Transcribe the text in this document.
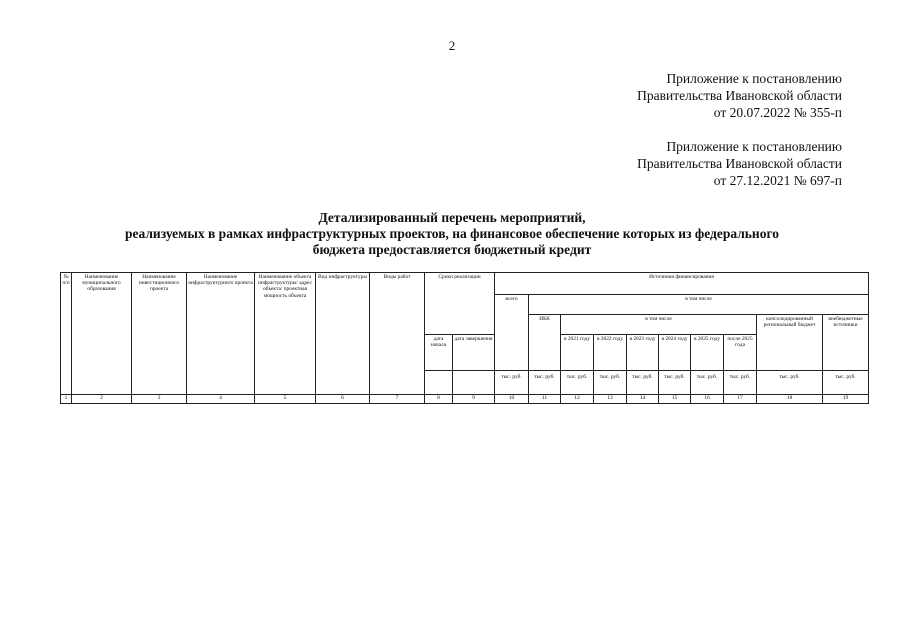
2
Приложение к постановлению
Правительства Ивановской области
от 20.07.2022 № 355-п
Приложение к постановлению
Правительства Ивановской области
от 27.12.2021 № 697-п
Детализированный перечень мероприятий,
реализуемых в рамках инфраструктурных проектов, на финансовое обеспечение которых из федерального
бюджета предоставляется бюджетный кредит
№ п/п	Наименование муниципального образования	Наименование инвестиционного проекта	Наименование инфраструктурного проекта	Наименование объекта инфраструктуры/ адрес объекта/ проектная мощность объекта	Вид инфраструктуры	Виды работ	Сроки реализации		Источники финансирования									
									всего	в том числе								
										ИБК	в том числе						консолидированный региональный бюджет	внебюджетные источники
							дата начала	дата завершения			в 2021 году	в 2022 году	в 2023 году	в 2024 году	в 2025 году	после 2025 года		
									тыс. руб.	тыс. руб.	тыс. руб.	тыс. руб.	тыс. руб.	тыс. руб.	тыс. руб.	тыс. руб.	тыс. руб.	тыс. руб.
1	2	3	4	5	6	7	8	9	10	11	12	13	14	15	16	17	18	19
